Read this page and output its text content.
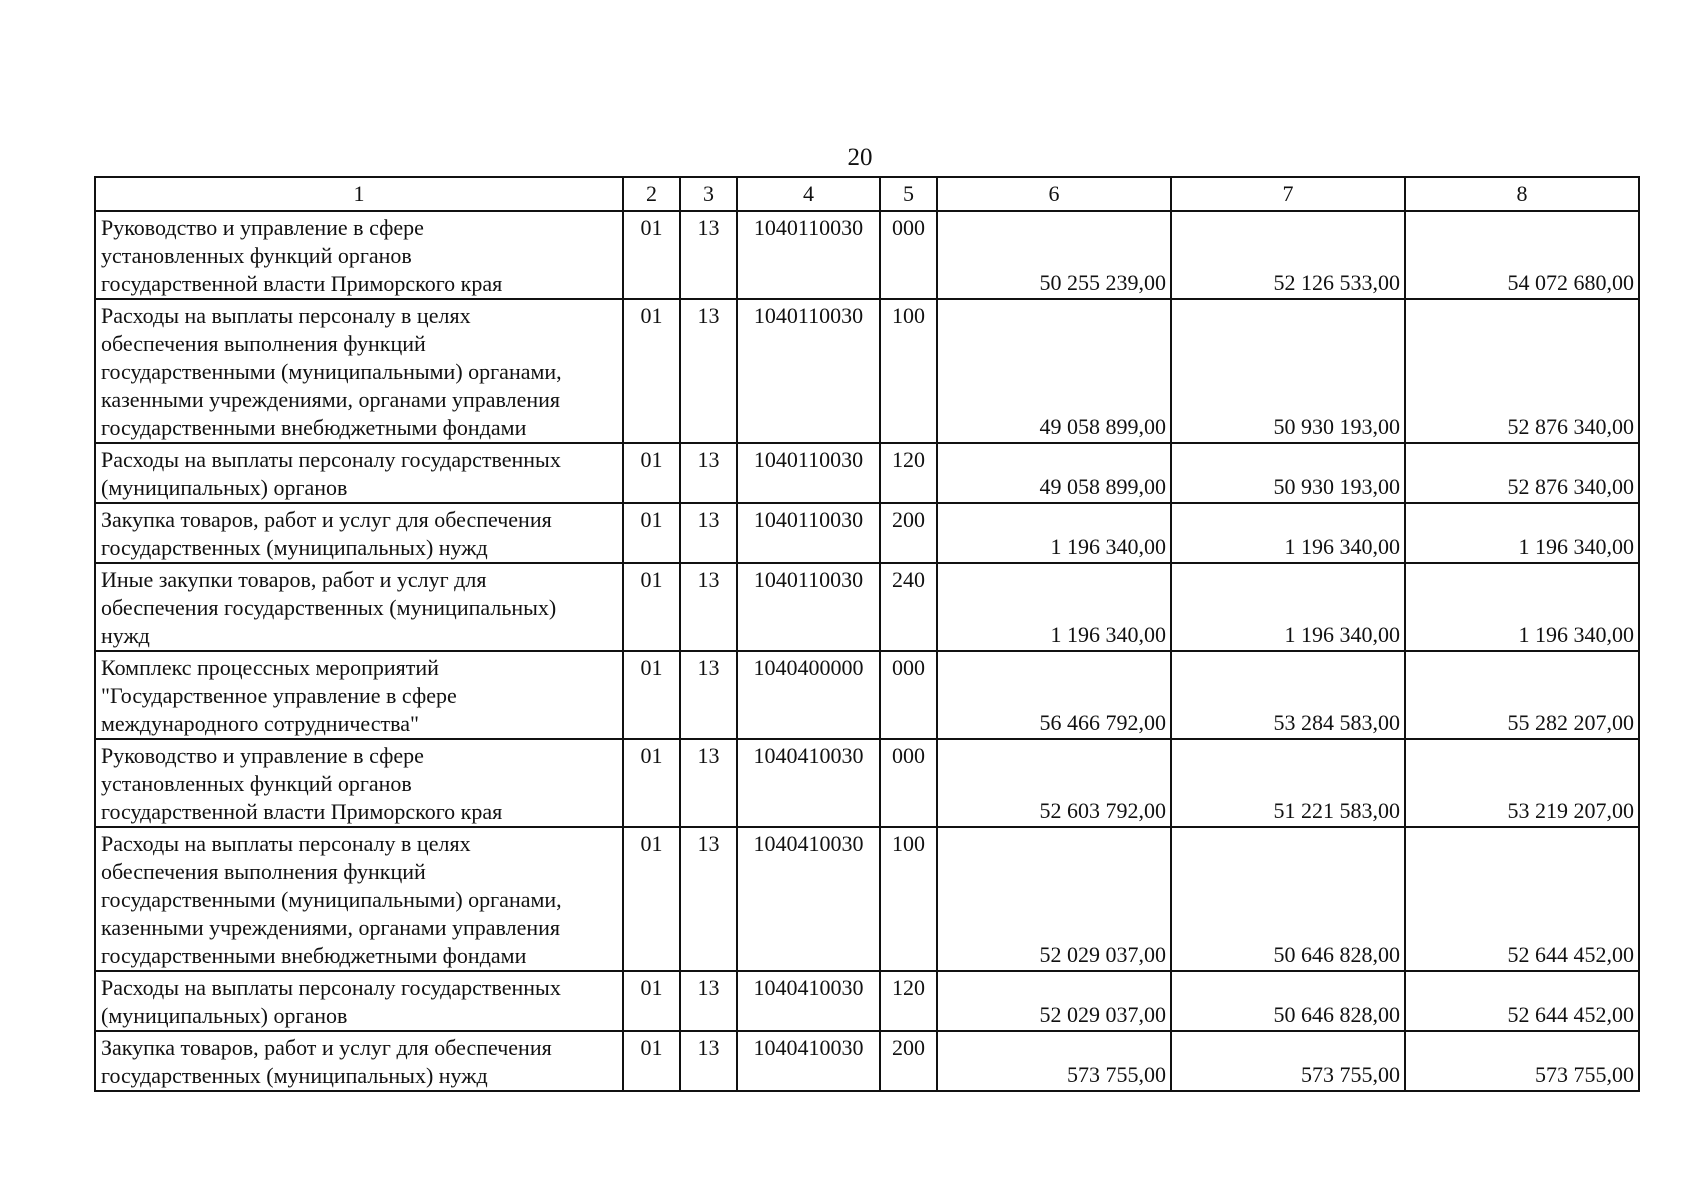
20
1	2	3	4	5	6	7	8
Руководство и управление в сфере
установленных функций органов
государственной власти Приморского края	01	13	1040110030	000	50 255 239,00	52 126 533,00	54 072 680,00
Расходы на выплаты персоналу в целях
обеспечения выполнения функций
государственными (муниципальными) органами,
казенными учреждениями, органами управления
государственными внебюджетными фондами	01	13	1040110030	100	49 058 899,00	50 930 193,00	52 876 340,00
Расходы на выплаты персоналу государственных
(муниципальных) органов	01	13	1040110030	120	49 058 899,00	50 930 193,00	52 876 340,00
Закупка товаров, работ и услуг для обеспечения
государственных (муниципальных) нужд	01	13	1040110030	200	1 196 340,00	1 196 340,00	1 196 340,00
Иные закупки товаров, работ и услуг для
обеспечения государственных (муниципальных)
нужд	01	13	1040110030	240	1 196 340,00	1 196 340,00	1 196 340,00
Комплекс процессных мероприятий
"Государственное управление в сфере
международного сотрудничества"	01	13	1040400000	000	56 466 792,00	53 284 583,00	55 282 207,00
Руководство и управление в сфере
установленных функций органов
государственной власти Приморского края	01	13	1040410030	000	52 603 792,00	51 221 583,00	53 219 207,00
Расходы на выплаты персоналу в целях
обеспечения выполнения функций
государственными (муниципальными) органами,
казенными учреждениями, органами управления
государственными внебюджетными фондами	01	13	1040410030	100	52 029 037,00	50 646 828,00	52 644 452,00
Расходы на выплаты персоналу государственных
(муниципальных) органов	01	13	1040410030	120	52 029 037,00	50 646 828,00	52 644 452,00
Закупка товаров, работ и услуг для обеспечения
государственных (муниципальных) нужд	01	13	1040410030	200	573 755,00	573 755,00	573 755,00
